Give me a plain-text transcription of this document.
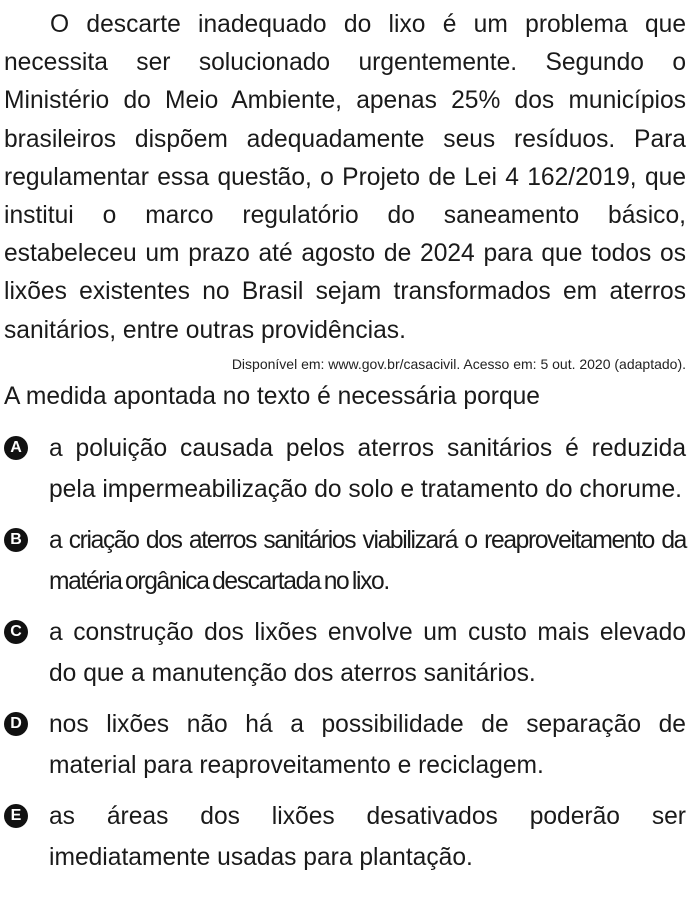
O descarte inadequado do lixo é um problema que necessita ser solucionado urgentemente. Segundo o Ministério do Meio Ambiente, apenas 25% dos municípios brasileiros dispõem adequadamente seus resíduos. Para regulamentar essa questão, o Projeto de Lei 4 162/2019, que institui o marco regulatório do saneamento básico, estabeleceu um prazo até agosto de 2024 para que todos os lixões existentes no Brasil sejam transformados em aterros sanitários, entre outras providências.

Disponível em: www.gov.br/casacivil. Acesso em: 5 out. 2020 (adaptado).

A medida apontada no texto é necessária porque

A a poluição causada pelos aterros sanitários é reduzida pela impermeabilização do solo e tratamento do chorume.
B a criação dos aterros sanitários viabilizará o reaproveitamento da matéria orgânica descartada no lixo.
C a construção dos lixões envolve um custo mais elevado do que a manutenção dos aterros sanitários.
D nos lixões não há a possibilidade de separação de material para reaproveitamento e reciclagem.
E as áreas dos lixões desativados poderão ser imediatamente usadas para plantação.
